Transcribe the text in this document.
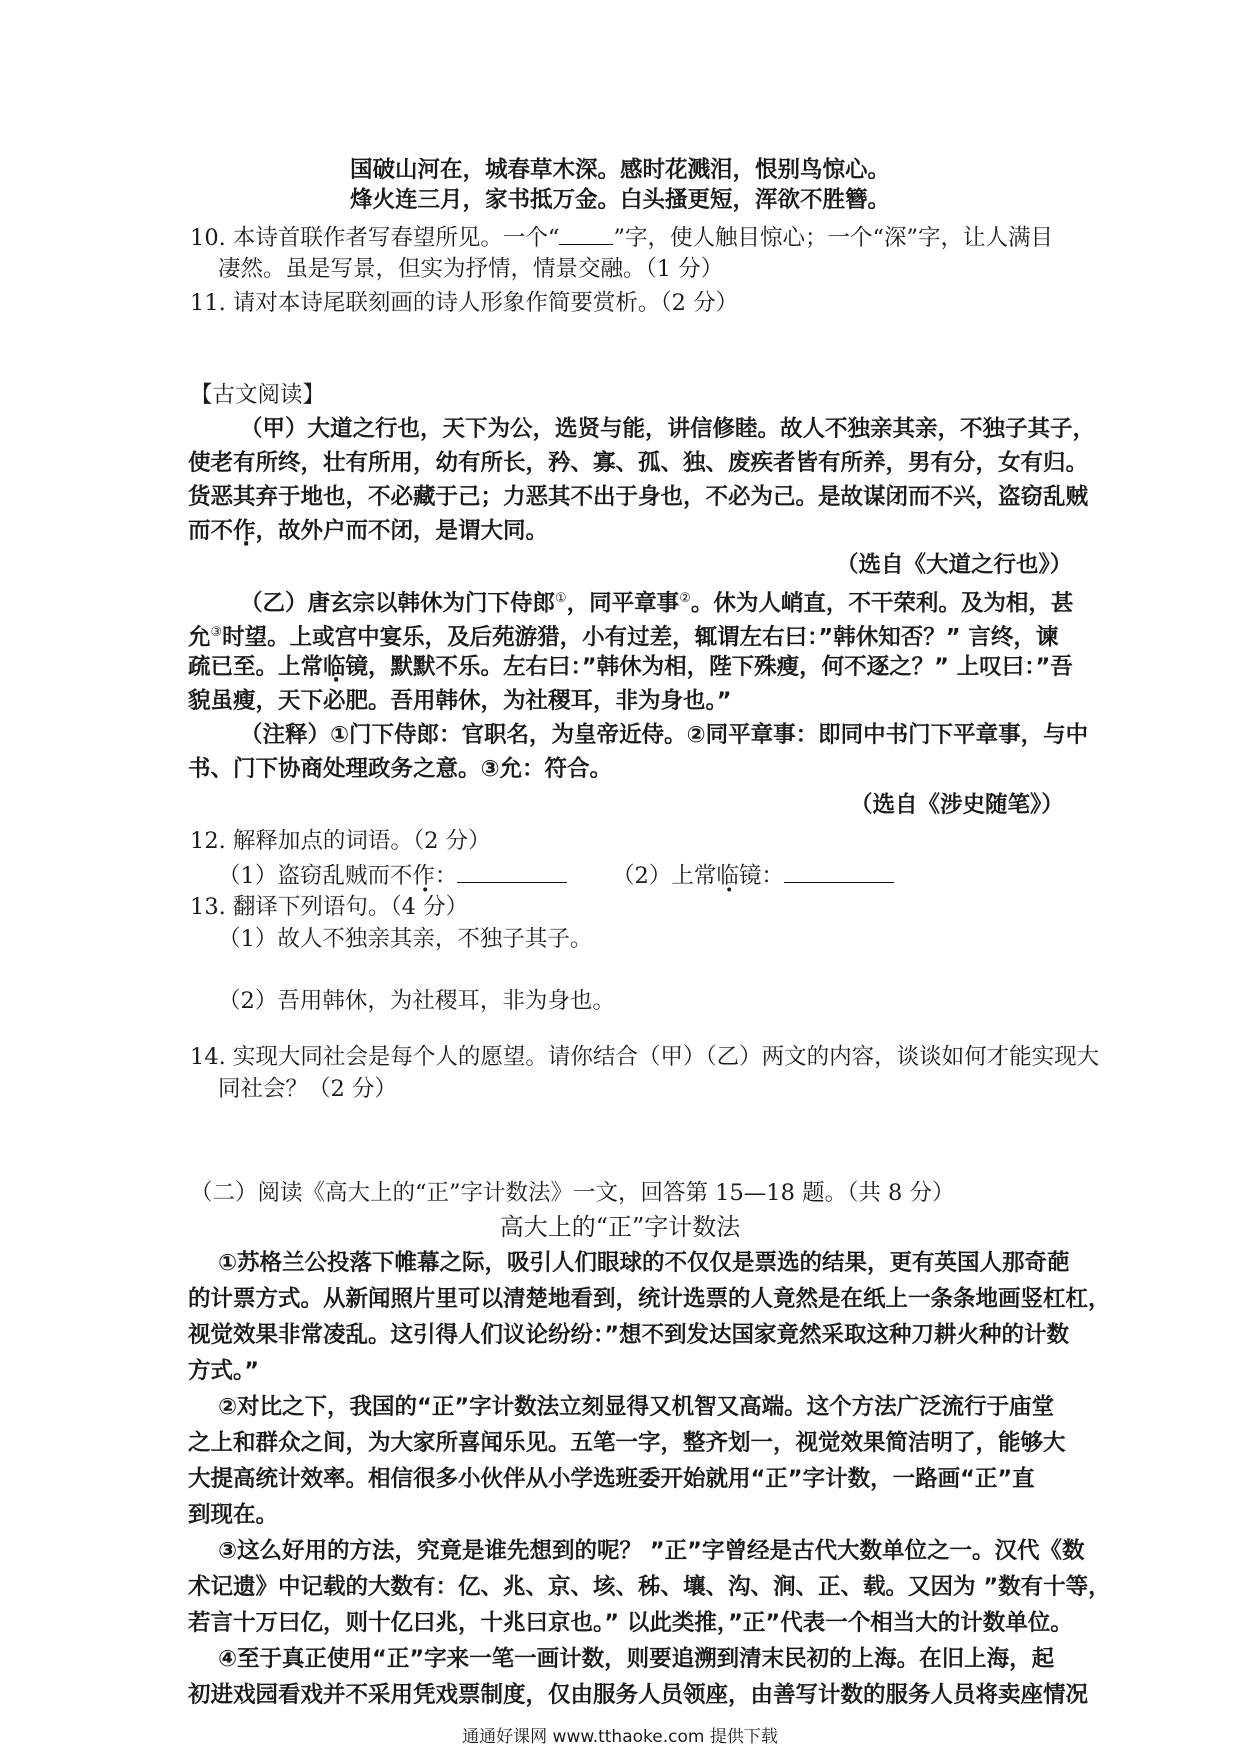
国破山河在，城春草木深。感时花溅泪，恨别鸟惊心。
烽火连三月，家书抵万金。白头搔更短，浑欲不胜簪。
10. 本诗首联作者写春望所见。一个“ ”字，使人触目惊心；一个“深”字，让人满目
凄然。虽是写景，但实为抒情，情景交融。（1 分）
11. 请对本诗尾联刻画的诗人形象作简要赏析。（2 分）
【古文阅读】
（甲）大道之行也，天下为公，选贤与能，讲信修睦。故人不独亲其亲，不独子其子，
使老有所终，壮有所用，幼有所长，矜、寡、孤、独、废疾者皆有所养，男有分，女有归。
货恶其弃于地也，不必藏于己；力恶其不出于身也，不必为己。是故谋闭而不兴，盗窃乱贼
而不作，故外户而不闭，是谓大同。
（选自《大道之行也》）
（乙）唐玄宗以韩休为门下侍郎①，同平章事②。休为人峭直，不干荣利。及为相，甚
允③时望。上或宫中宴乐，及后苑游猎，小有过差，辄谓左右曰：”韩休知否？” 言终，谏
疏已至。上常临镜，默默不乐。左右曰：”韩休为相，陛下殊瘦，何不逐之？” 上叹曰：”吾
貌虽瘦，天下必肥。吾用韩休，为社稷耳，非为身也。”
（注释）①门下侍郎：官职名，为皇帝近侍。②同平章事：即同中书门下平章事，与中
书、门下协商处理政务之意。③允：符合。
（选自《涉史随笔》）
12. 解释加点的词语。（2 分）
（1）盗窃乱贼而不作：	（2）上常临镜：
13. 翻译下列语句。（4 分）
（1）故人不独亲其亲，不独子其子。
（2）吾用韩休，为社稷耳，非为身也。
14. 实现大同社会是每个人的愿望。请你结合（甲）（乙）两文的内容，谈谈如何才能实现大
同社会？（2 分）
（二）阅读《高大上的“正”字计数法》一文，回答第 15—18 题。（共 8 分）
高大上的“正”字计数法
①苏格兰公投落下帷幕之际，吸引人们眼球的不仅仅是票选的结果，更有英国人那奇葩
的计票方式。从新闻照片里可以清楚地看到，统计选票的人竟然是在纸上一条条地画竖杠杠，
视觉效果非常凌乱。这引得人们议论纷纷：”想不到发达国家竟然采取这种刀耕火种的计数
方式。”
②对比之下，我国的“正”字计数法立刻显得又机智又高端。这个方法广泛流行于庙堂
之上和群众之间，为大家所喜闻乐见。五笔一字，整齐划一，视觉效果简洁明了，能够大
大提高统计效率。相信很多小伙伴从小学选班委开始就用“正”字计数，一路画“正”直
到现在。
③这么好用的方法，究竟是谁先想到的呢？ ”正”字曾经是古代大数单位之一。汉代《数
术记遗》中记载的大数有：亿、兆、京、垓、秭、壤、沟、涧、正、载。又因为 ”数有十等，
若言十万曰亿，则十亿曰兆，十兆曰京也。” 以此类推，”正”代表一个相当大的计数单位。
④至于真正使用“正”字来一笔一画计数，则要追溯到清末民初的上海。在旧上海，起
初进戏园看戏并不采用凭戏票制度，仅由服务人员领座，由善写计数的服务人员将卖座情况
通通好课网 www.tthaoke.com 提供下载
